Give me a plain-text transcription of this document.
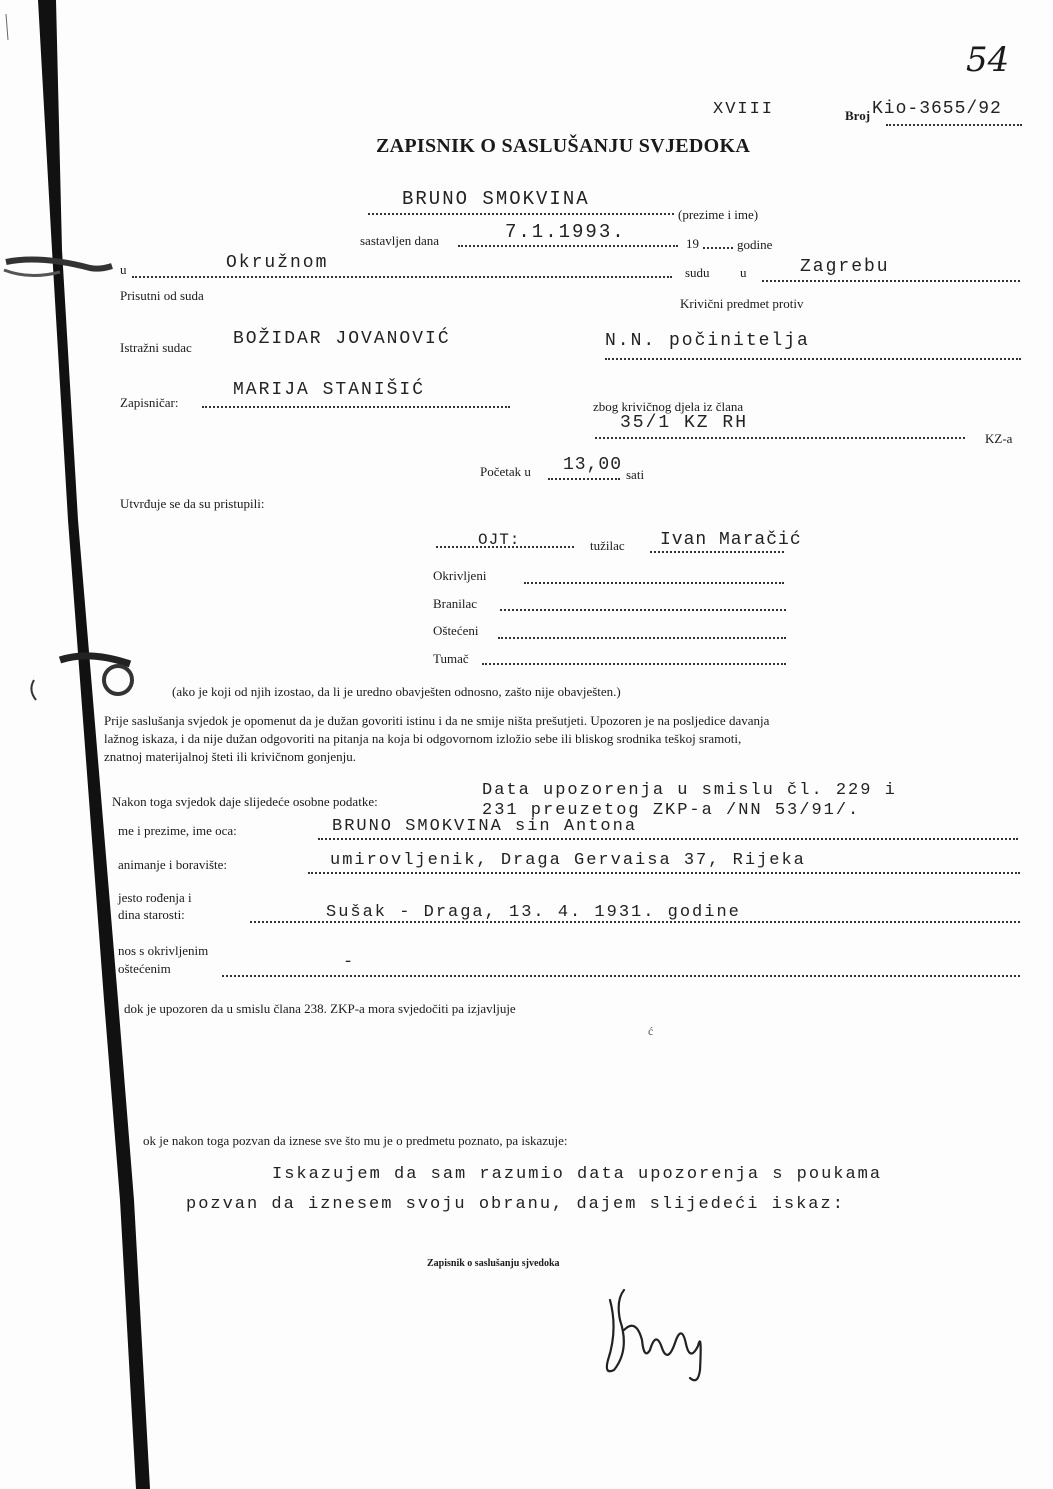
54
XVIII	Broj Kio-3655/92
ZAPISNIK O SASLUŠANJU SVJEDOKA
BRUNO SMOKVINA
(prezime i ime)
sastavljen dana	7.1.1993.
19	godine
u	Okružnom	sudu u	Zagrebu
Prisutni od suda
Krivični predmet protiv
Istražni sudac BOŽIDAR JOVANOVIĆ	N.N. počinitelja
Zapisničar:
MARIJA STANIŠIĆ
zbog krivičnog djela iz člana
35/1 KZ RH
KZ-a
Početak u 13,00 sati
Utvrđuje se da su pristupili:
OJT:	tužilac Ivan Maračić
Okrivljeni
Branilac
Oštećeni
Tumač
(ako je koji od njih izostao, da li je uredno obavješten odnosno, zašto nije obavješten.)
Prije saslušanja svjedok je opomenut da je dužan govoriti istinu i da ne smije ništa prešutjeti. Upozoren je na posljedice davanja
lažnog iskaza, i da nije dužan odgovoriti na pitanja na koja bi odgovornom izložio sebe ili bliskog srodnika teškoj sramoti,
znatnoj materijalnoj šteti ili krivičnom gonjenju.
Data upozorenja u smislu čl. 229 i
231 preuzetog ZKP-a /NN 53/91/.
Nakon toga svjedok daje slijedeće osobne podatke:
me i prezime, ime oca:	BRUNO SMOKVINA sin Antona
animanje i boravište:	umirovljenik, Draga Gervaisa 37, Rijeka
jesto rođenja i
dina starosti:	Sušak - Draga, 13. 4. 1931. godine
nos s okrivljenim
oštećenim	-
dok je upozoren da u smislu člana 238. ZKP-a mora svjedočiti pa izjavljuje
ć
ok je nakon toga pozvan da iznese sve što mu je o predmetu poznato, pa iskazuje:
Iskazujem da sam razumio data upozorenja s poukama
pozvan da iznesem svoju obranu, dajem slijedeći iskaz:
Zapisnik o saslušanju sjvedoka
